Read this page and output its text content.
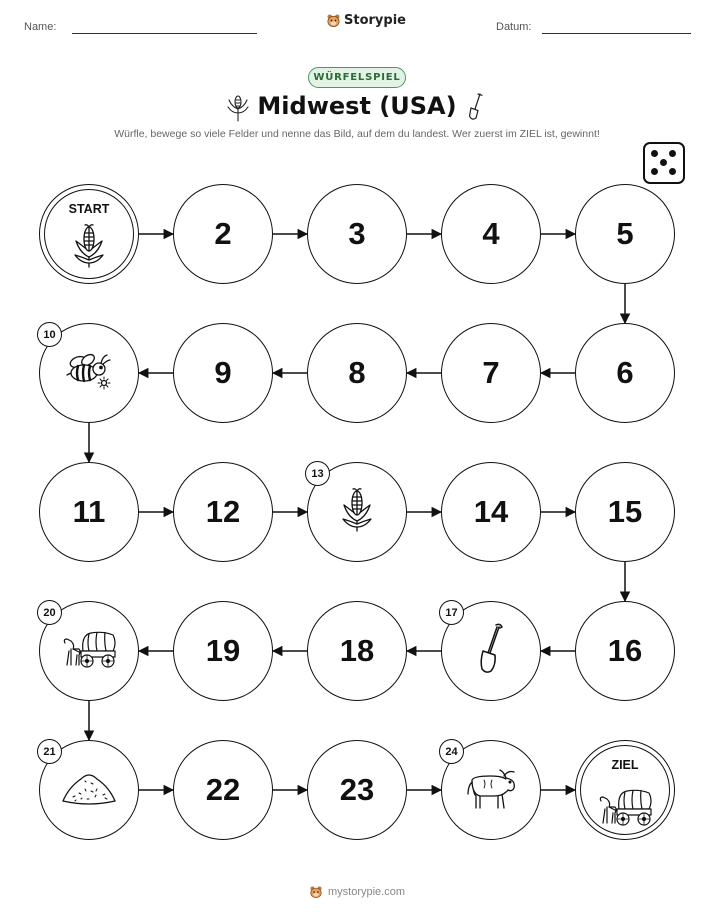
Name:	Storypie	Datum:
WÜRFELSPIEL
Midwest (USA)
Würfle, bewege so viele Felder und nenne das Bild, auf dem du landest. Wer zuerst im ZIEL ist, gewinnt!
START
2	3	4	5
6
7
8
9
10
11	12
13
14	15
16
17
18
19
20
21
22	23
24
ZIEL
mystorypie.com
